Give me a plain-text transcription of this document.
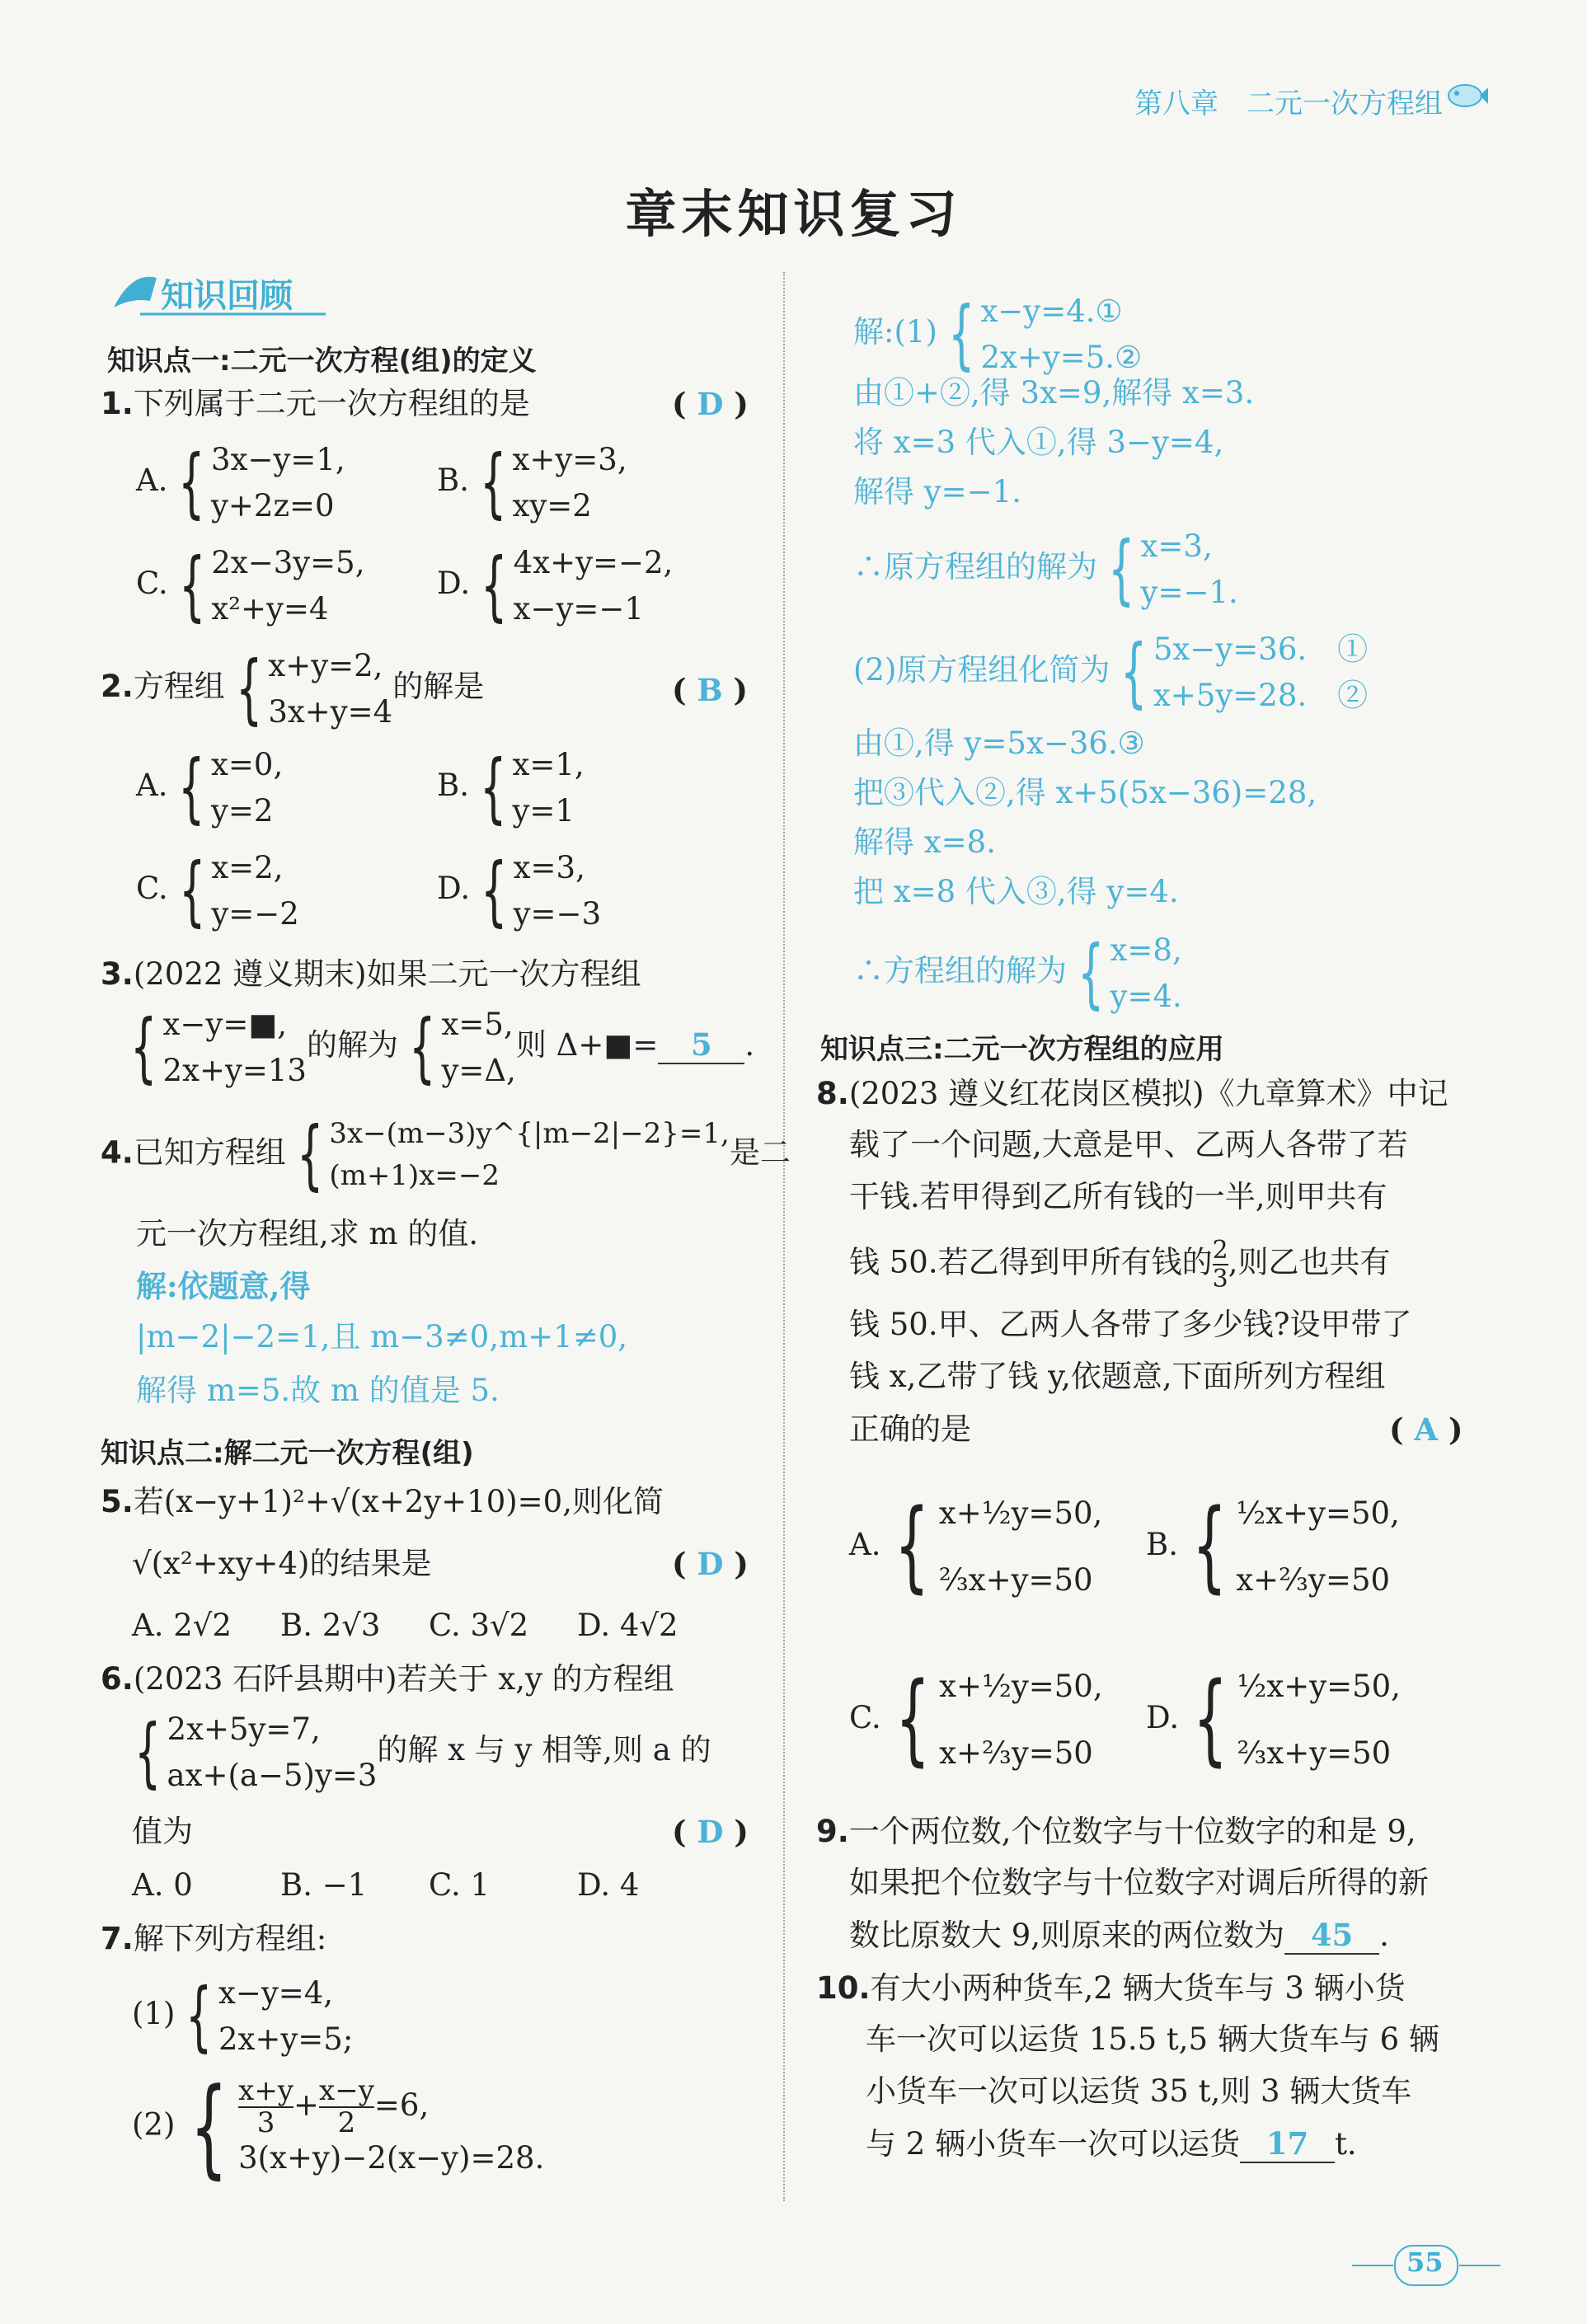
第八章　二元一次方程组
章末知识复习
知识回顾
知识点一:二元一次方程(组)的定义
1.下列属于二元一次方程组的是	( D )
A. { 3x−y=1,
y+2z=0
B. { x+y=3,
xy=2
C. { 2x−3y=5,
x²+y=4
D. { 4x+y=−2,
x−y=−1
2.方程组 { x+y=2,
3x+y=4
的解是	( B )
A. { x=0,
y=2
B. { x=1,
y=1
C. { x=2,
y=−2
D. { x=3,
y=−3
3.(2022 遵义期末)如果二元一次方程组
{ x−y=■,
2x+y=13
的解为 { x=5,
y=Δ,
则 Δ+■= 5 .
4.已知方程组 { 3x−(m−3)y^{|m−2|−2}=1,
(m+1)x=−2
是二
元一次方程组,求 m 的值.
解:依题意,得
|m−2|−2=1,且 m−3≠0,m+1≠0,
解得 m=5.故 m 的值是 5.
知识点二:解二元一次方程(组)
5.若(x−y+1)²+√(x+2y+10)=0,则化简
√(x²+xy+4)的结果是	( D )
A. 2√2 B. 2√3 C. 3√2 D. 4√2
6.(2023 石阡县期中)若关于 x,y 的方程组
{ 2x+5y=7,
ax+(a−5)y=3
的解 x 与 y 相等,则 a 的
值为	( D )
A. 0	B. −1 C. 1	D. 4
7.解下列方程组:
(1) { x−y=4,
2x+y=5;
(2) { $\frac{x+y}{3} + \frac{x-y}{2} =6$,
3(x+y)−2(x−y)=28.
解:(1) { x−y=4.①
2x+y=5.②
由①+②,得 3x=9,解得 x=3.
将 x=3 代入①,得 3−y=4,
解得 y=−1.
∴原方程组的解为 { x=3,
y=−1.
(2)原方程组化简为 { 5x−y=36.　①
x+5y=28.　②
由①,得 y=5x−36.③
把③代入②,得 x+5(5x−36)=28,
解得 x=8.
把 x=8 代入③,得 y=4.
∴方程组的解为 { x=8,
y=4.
知识点三:二元一次方程组的应用
8.(2023 遵义红花岗区模拟)《九章算术》中记
载了一个问题,大意是甲、乙两人各带了若
干钱.若甲得到乙所有钱的一半,则甲共有
钱 50.若乙得到甲所有钱的 $\frac{2}{3}$ ,则乙也共有
钱 50.甲、乙两人各带了多少钱?设甲带了
钱 x,乙带了钱 y,依题意,下面所列方程组
正确的是	( A )
A. { x+½y=50,
⅔x+y=50
B. { ½x+y=50,
x+⅔y=50
C. { x+½y=50,
x+⅔y=50
D. { ½x+y=50,
⅔x+y=50
9.一个两位数,个位数字与十位数字的和是 9,
如果把个位数字与十位数字对调后所得的新
数比原数大 9,则原来的两位数为 45 .
10.有大小两种货车,2 辆大货车与 3 辆小货
车一次可以运货 15.5 t,5 辆大货车与 6 辆
小货车一次可以运货 35 t,则 3 辆大货车
与 2 辆小货车一次可以运货 17 t.
55
